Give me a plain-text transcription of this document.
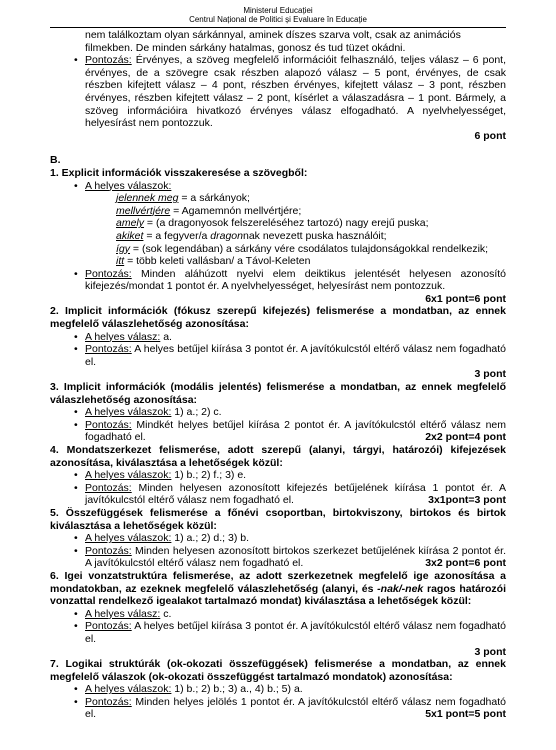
Ministerul Educației
Centrul Național de Politici și Evaluare în Educație
nem találkoztam olyan sárkánnyal, aminek díszes szarva volt, csak az animációs
filmekben. De minden sárkány hatalmas, gonosz és tud tüzet okádni.
• Pontozás: Érvényes, a szöveg megfelelő információit felhasználó, teljes válasz – 6 pont, érvényes, de a szövegre csak részben alapozó válasz – 5 pont, érvényes, de csak részben kifejtett válasz – 4 pont, részben érvényes, kifejtett válasz – 3 pont, részben érvényes, részben kifejtett válasz – 2 pont, kísérlet a válaszadásra – 1 pont. Bármely, a szöveg információira hivatkozó érvényes válasz elfogadható. A nyelvhelyességet, helyesírást nem pontozzuk.
6 pont
B.
1. Explicit információk visszakeresése a szövegből:
• A helyes válaszok:
jelennek meg = a sárkányok;
mellvértjére = Agamemnón mellvértjére;
amely = (a dragonyosok felszereléséhez tartozó) nagy erejű puska;
akiket = a fegyver/a dragonnak nevezett puska használóit;
így = (sok legendában) a sárkány vére csodálatos tulajdonságokkal rendelkezik;
itt = több keleti vallásban/ a Távol-Keleten
• Pontozás: Minden aláhúzott nyelvi elem deiktikus jelentését helyesen azonosító kifejezés/mondat 1 pontot ér. A nyelvhelyességet, helyesírást nem pontozzuk.
6x1 pont=6 pont
2. Implicit információk (fókusz szerepű kifejezés) felismerése a mondatban, az ennek megfelelő válaszlehetőség azonosítása:
• A helyes válasz: a.
• Pontozás: A helyes betűjel kiírása 3 pontot ér. A javítókulcstól eltérő válasz nem fogadható el.
3 pont
3. Implicit információk (modális jelentés) felismerése a mondatban, az ennek megfelelő válaszlehetőség azonosítása:
• A helyes válaszok: 1) a.; 2) c.
• Pontozás: Mindkét helyes betűjel kiírása 2 pontot ér. A javítókulcstól eltérő válasz nem fogadható el.	2x2 pont=4 pont
4. Mondatszerkezet felismerése, adott szerepű (alanyi, tárgyi, határozói) kifejezések azonosítása, kiválasztása a lehetőségek közül:
• A helyes válaszok: 1) b.; 2) f.; 3) e.
• Pontozás: Minden helyesen azonosított kifejezés betűjelének kiírása 1 pontot ér. A javítókulcstól eltérő válasz nem fogadható el.	3x1pont=3 pont
5. Összefüggések felismerése a főnévi csoportban, birtokviszony, birtokos és birtok kiválasztása a lehetőségek közül:
• A helyes válaszok: 1) a.; 2) d.; 3) b.
• Pontozás: Minden helyesen azonosított birtokos szerkezet betűjelének kiírása 2 pontot ér. A javítókulcstól eltérő válasz nem fogadható el.	3x2 pont=6 pont
6. Igei vonzatstruktúra felismerése, az adott szerkezetnek megfelelő ige azonosítása a mondatokban, az ezeknek megfelelő válaszlehetőség (alanyi, és -nak/-nek ragos határozói vonzattal rendelkező igealakot tartalmazó mondat) kiválasztása a lehetőségek közül:
• A helyes válasz: c.
• Pontozás: A helyes betűjel kiírása 3 pontot ér. A javítókulcstól eltérő válasz nem fogadható el.
3 pont
7. Logikai struktúrák (ok-okozati összefüggések) felismerése a mondatban, az ennek megfelelő válaszok (ok-okozati összefüggést tartalmazó mondatok) azonosítása:
• A helyes válaszok: 1) b.; 2) b.; 3) a., 4) b.; 5) a.
• Pontozás: Minden helyes jelölés 1 pontot ér. A javítókulcstól eltérő válasz nem fogadható el.	5x1 pont=5 pont
